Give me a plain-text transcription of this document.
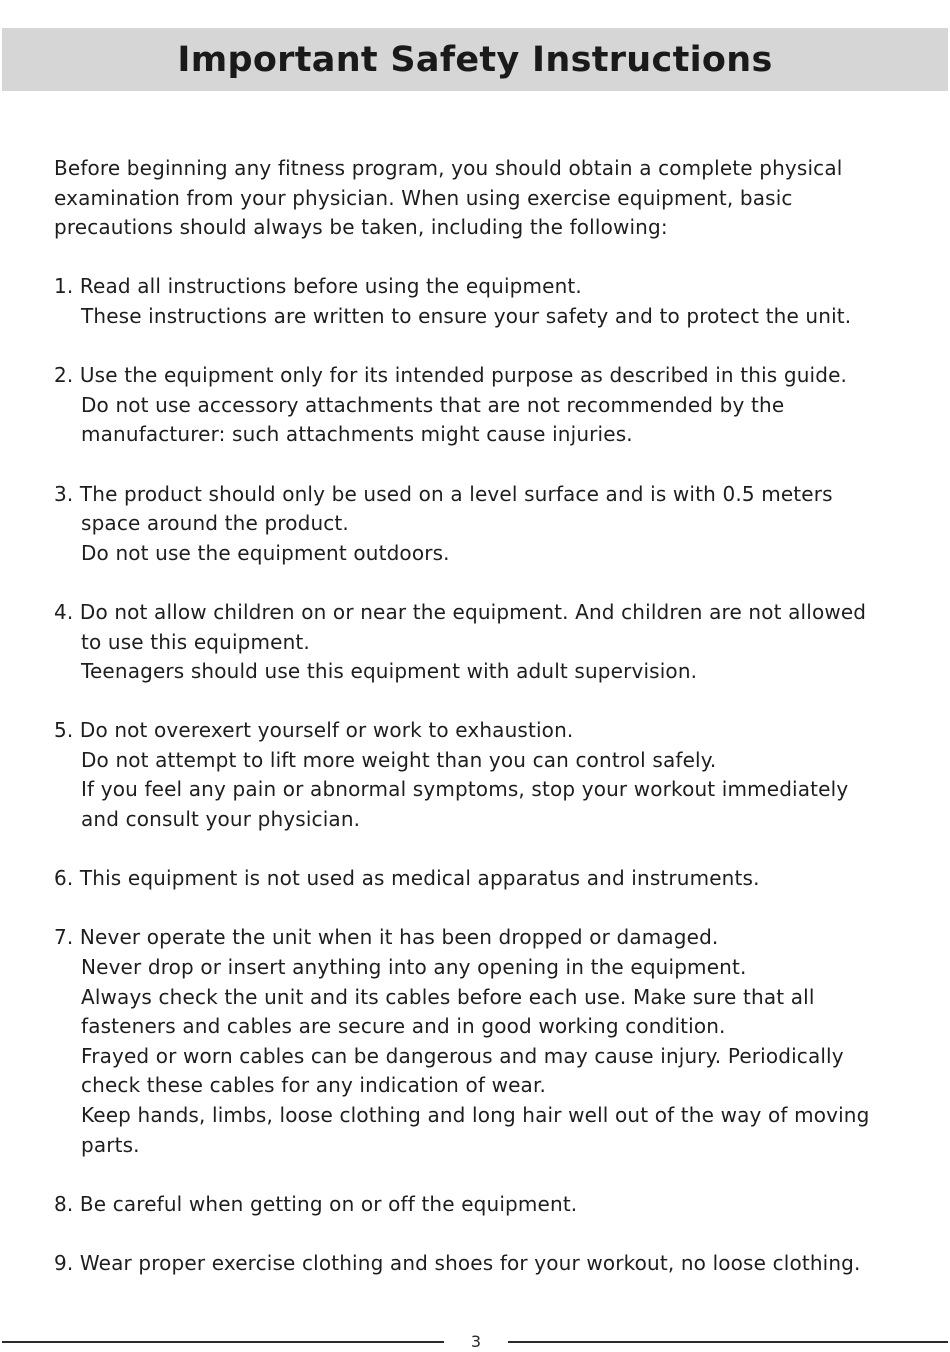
Important Safety Instructions

Before beginning any fitness program, you should obtain a complete physical

examination from your physician. When using exercise equipment, basic

precautions should always be taken, including the following:

1. Read all instructions before using the equipment.

These instructions are written to ensure your safety and to protect the unit.

2. Use the equipment only for its intended purpose as described in this guide.

Do not use accessory attachments that are not recommended by the

manufacturer: such attachments might cause injuries.

3. The product should only be used on a level surface and is with 0.5 meters

space around the product.

Do not use the equipment outdoors.

4. Do not allow children on or near the equipment. And children are not allowed

to use this equipment.

Teenagers should use this equipment with adult supervision.

5. Do not overexert yourself or work to exhaustion.

Do not attempt to lift more weight than you can control safely.

If you feel any pain or abnormal symptoms, stop your workout immediately

and consult your physician.

6. This equipment is not used as medical apparatus and instruments.

7. Never operate the unit when it has been dropped or damaged.

Never drop or insert anything into any opening in the equipment.

Always check the unit and its cables before each use. Make sure that all

fasteners and cables are secure and in good working condition.

Frayed or worn cables can be dangerous and may cause injury. Periodically

check these cables for any indication of wear.

Keep hands, limbs, loose clothing and long hair well out of the way of moving

parts.

8. Be careful when getting on or off the equipment.

9. Wear proper exercise clothing and shoes for your workout, no loose clothing.

3
